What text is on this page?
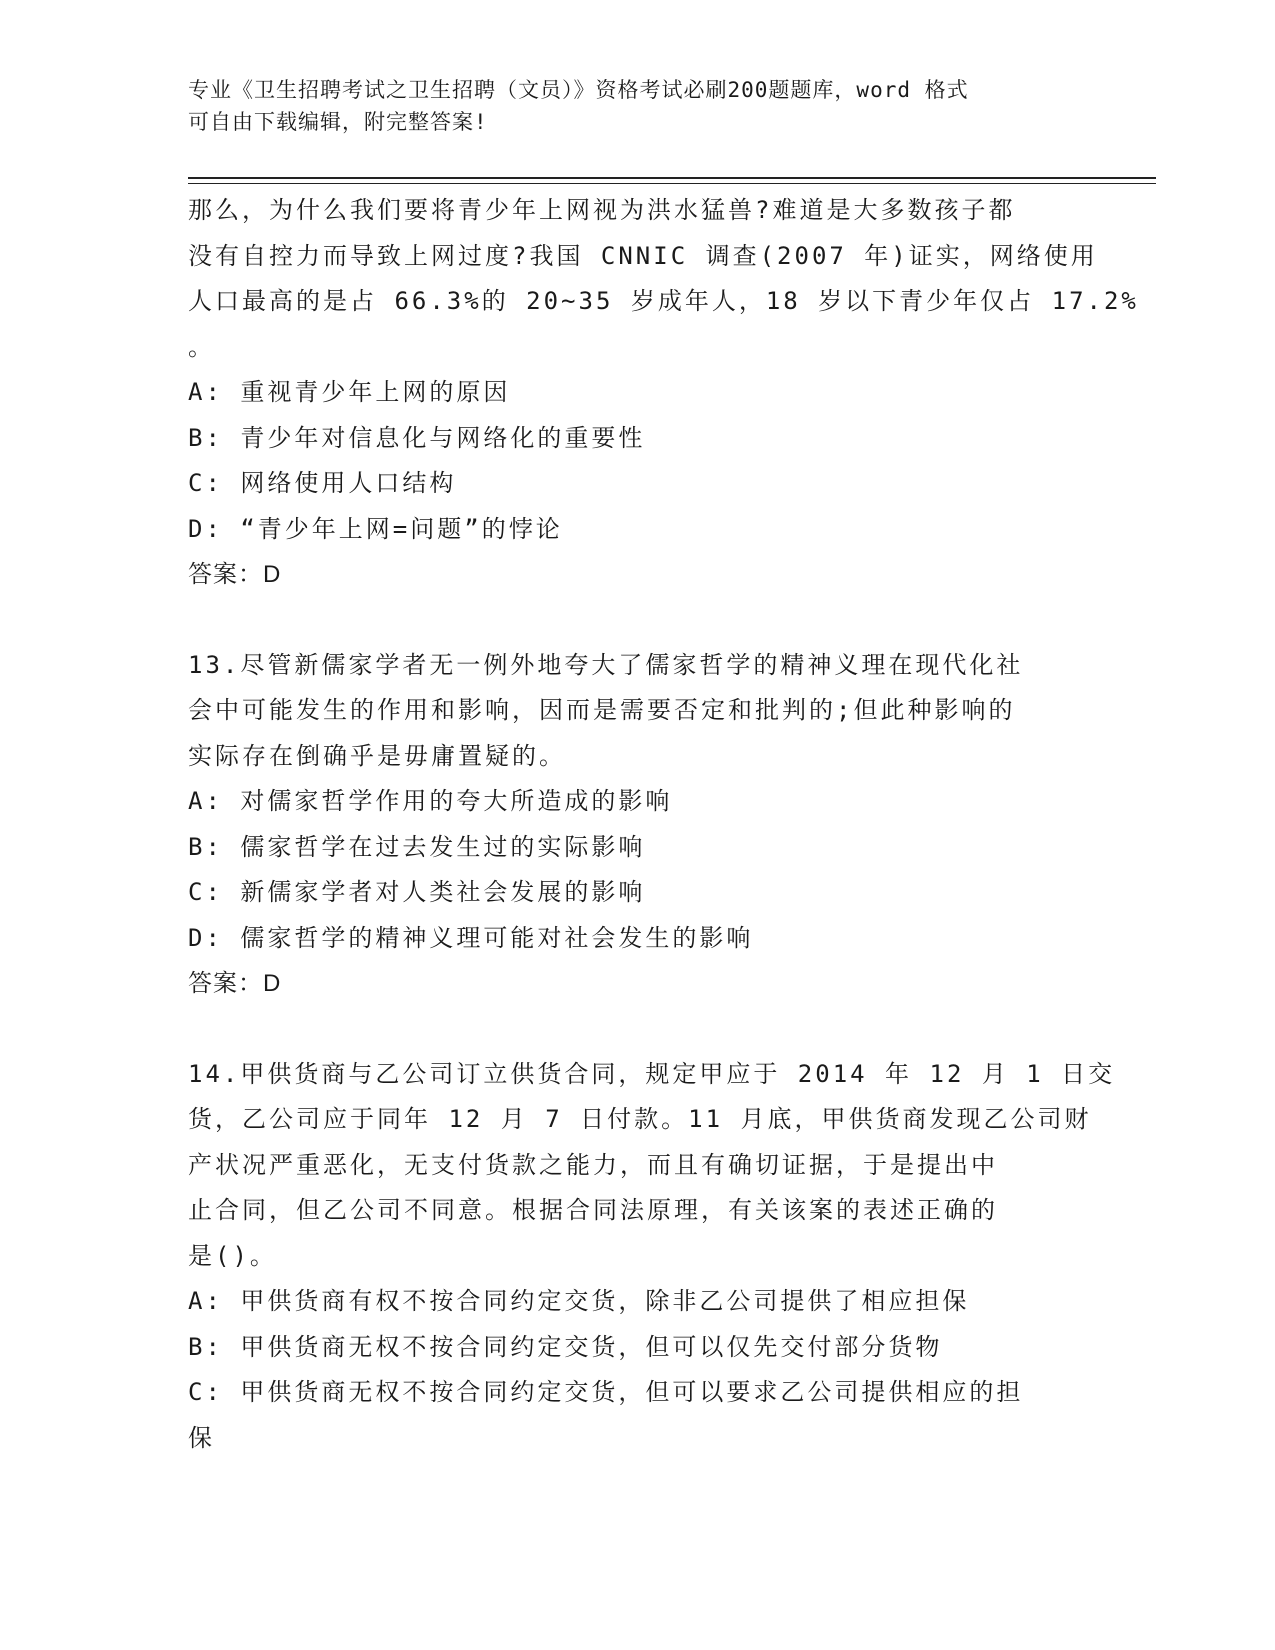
专业《卫生招聘考试之卫生招聘（文员）》资格考试必刷200题题库，word 格式
可自由下载编辑，附完整答案!
那么，为什么我们要将青少年上网视为洪水猛兽?难道是大多数孩子都
没有自控力而导致上网过度?我国 CNNIC 调查(2007 年)证实，网络使用
人口最高的是占 66.3%的 20~35 岁成年人，18 岁以下青少年仅占 17.2%
。
A: 重视青少年上网的原因
B: 青少年对信息化与网络化的重要性
C: 网络使用人口结构
D: “青少年上网=问题”的悖论
答案：D
13.尽管新儒家学者无一例外地夸大了儒家哲学的精神义理在现代化社
会中可能发生的作用和影响，因而是需要否定和批判的;但此种影响的
实际存在倒确乎是毋庸置疑的。
A: 对儒家哲学作用的夸大所造成的影响
B: 儒家哲学在过去发生过的实际影响
C: 新儒家学者对人类社会发展的影响
D: 儒家哲学的精神义理可能对社会发生的影响
答案：D
14.甲供货商与乙公司订立供货合同，规定甲应于 2014 年 12 月 1 日交
货，乙公司应于同年 12 月 7 日付款。11 月底，甲供货商发现乙公司财
产状况严重恶化，无支付货款之能力，而且有确切证据，于是提出中
止合同，但乙公司不同意。根据合同法原理，有关该案的表述正确的
是()。
A: 甲供货商有权不按合同约定交货，除非乙公司提供了相应担保
B: 甲供货商无权不按合同约定交货，但可以仅先交付部分货物
C: 甲供货商无权不按合同约定交货，但可以要求乙公司提供相应的担
保
